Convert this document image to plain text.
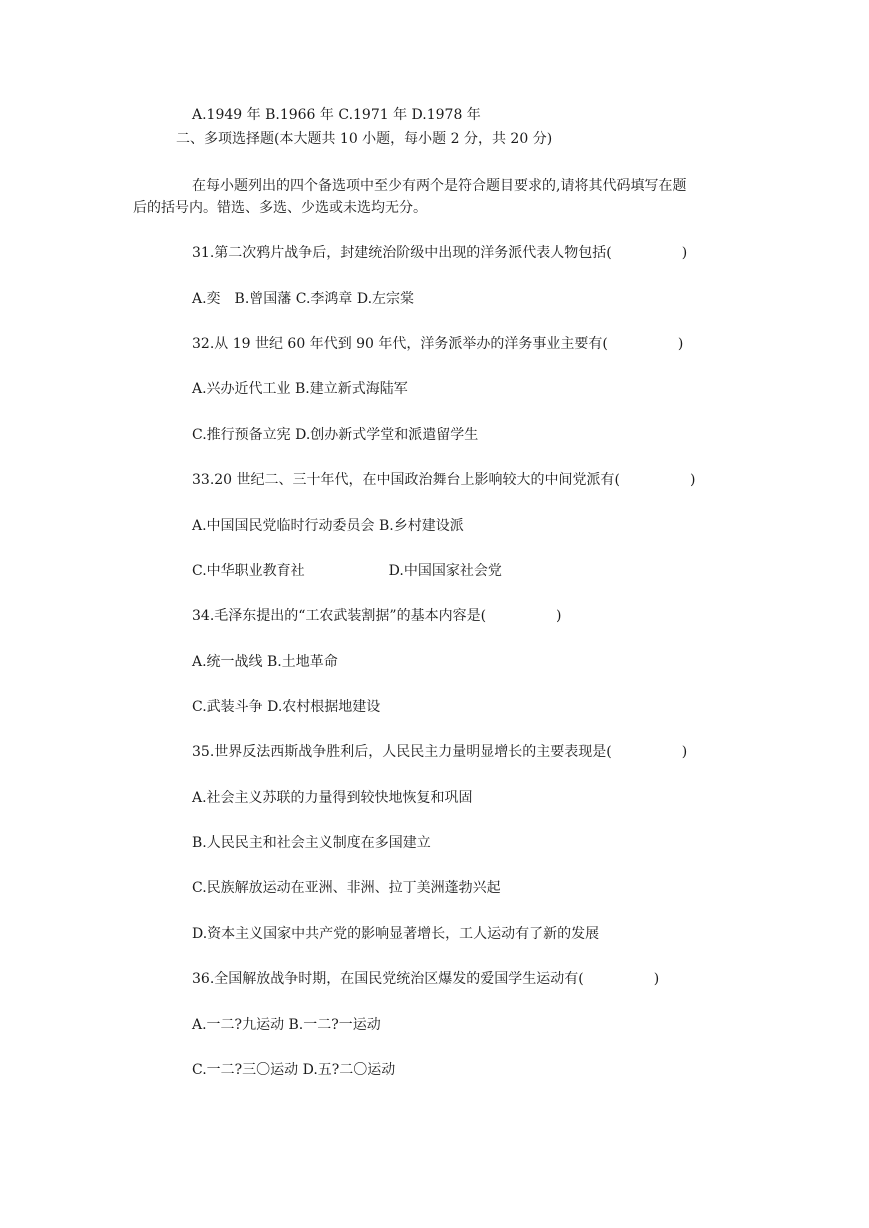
A.1949 年 B.1966 年 C.1971 年 D.1978 年
二、多项选择题(本大题共 10 小题，每小题 2 分，共 20 分)
在每小题列出的四个备选项中至少有两个是符合题目要求的,请将其代码填写在题
后的括号内。错选、多选、少选或未选均无分。
31.第二次鸦片战争后，封建统治阶级中出现的洋务派代表人物包括(　　　　　)
A.奕　B.曾国藩 C.李鸿章 D.左宗棠
32.从 19 世纪 60 年代到 90 年代，洋务派举办的洋务事业主要有(　　　　　)
A.兴办近代工业 B.建立新式海陆军
C.推行预备立宪 D.创办新式学堂和派遣留学生
33.20 世纪二、三十年代，在中国政治舞台上影响较大的中间党派有(　　　　　)
A.中国国民党临时行动委员会 B.乡村建设派
C.中华职业教育社　　　　　　D.中国国家社会党
34.毛泽东提出的“工农武装割据”的基本内容是(　　　　　)
A.统一战线 B.土地革命
C.武装斗争 D.农村根据地建设
35.世界反法西斯战争胜利后，人民民主力量明显增长的主要表现是(　　　　　)
A.社会主义苏联的力量得到较快地恢复和巩固
B.人民民主和社会主义制度在多国建立
C.民族解放运动在亚洲、非洲、拉丁美洲蓬勃兴起
D.资本主义国家中共产党的影响显著增长，工人运动有了新的发展
36.全国解放战争时期，在国民党统治区爆发的爱国学生运动有(　　　　　)
A.一二?九运动 B.一二?一运动
C.一二?三〇运动 D.五?二〇运动
